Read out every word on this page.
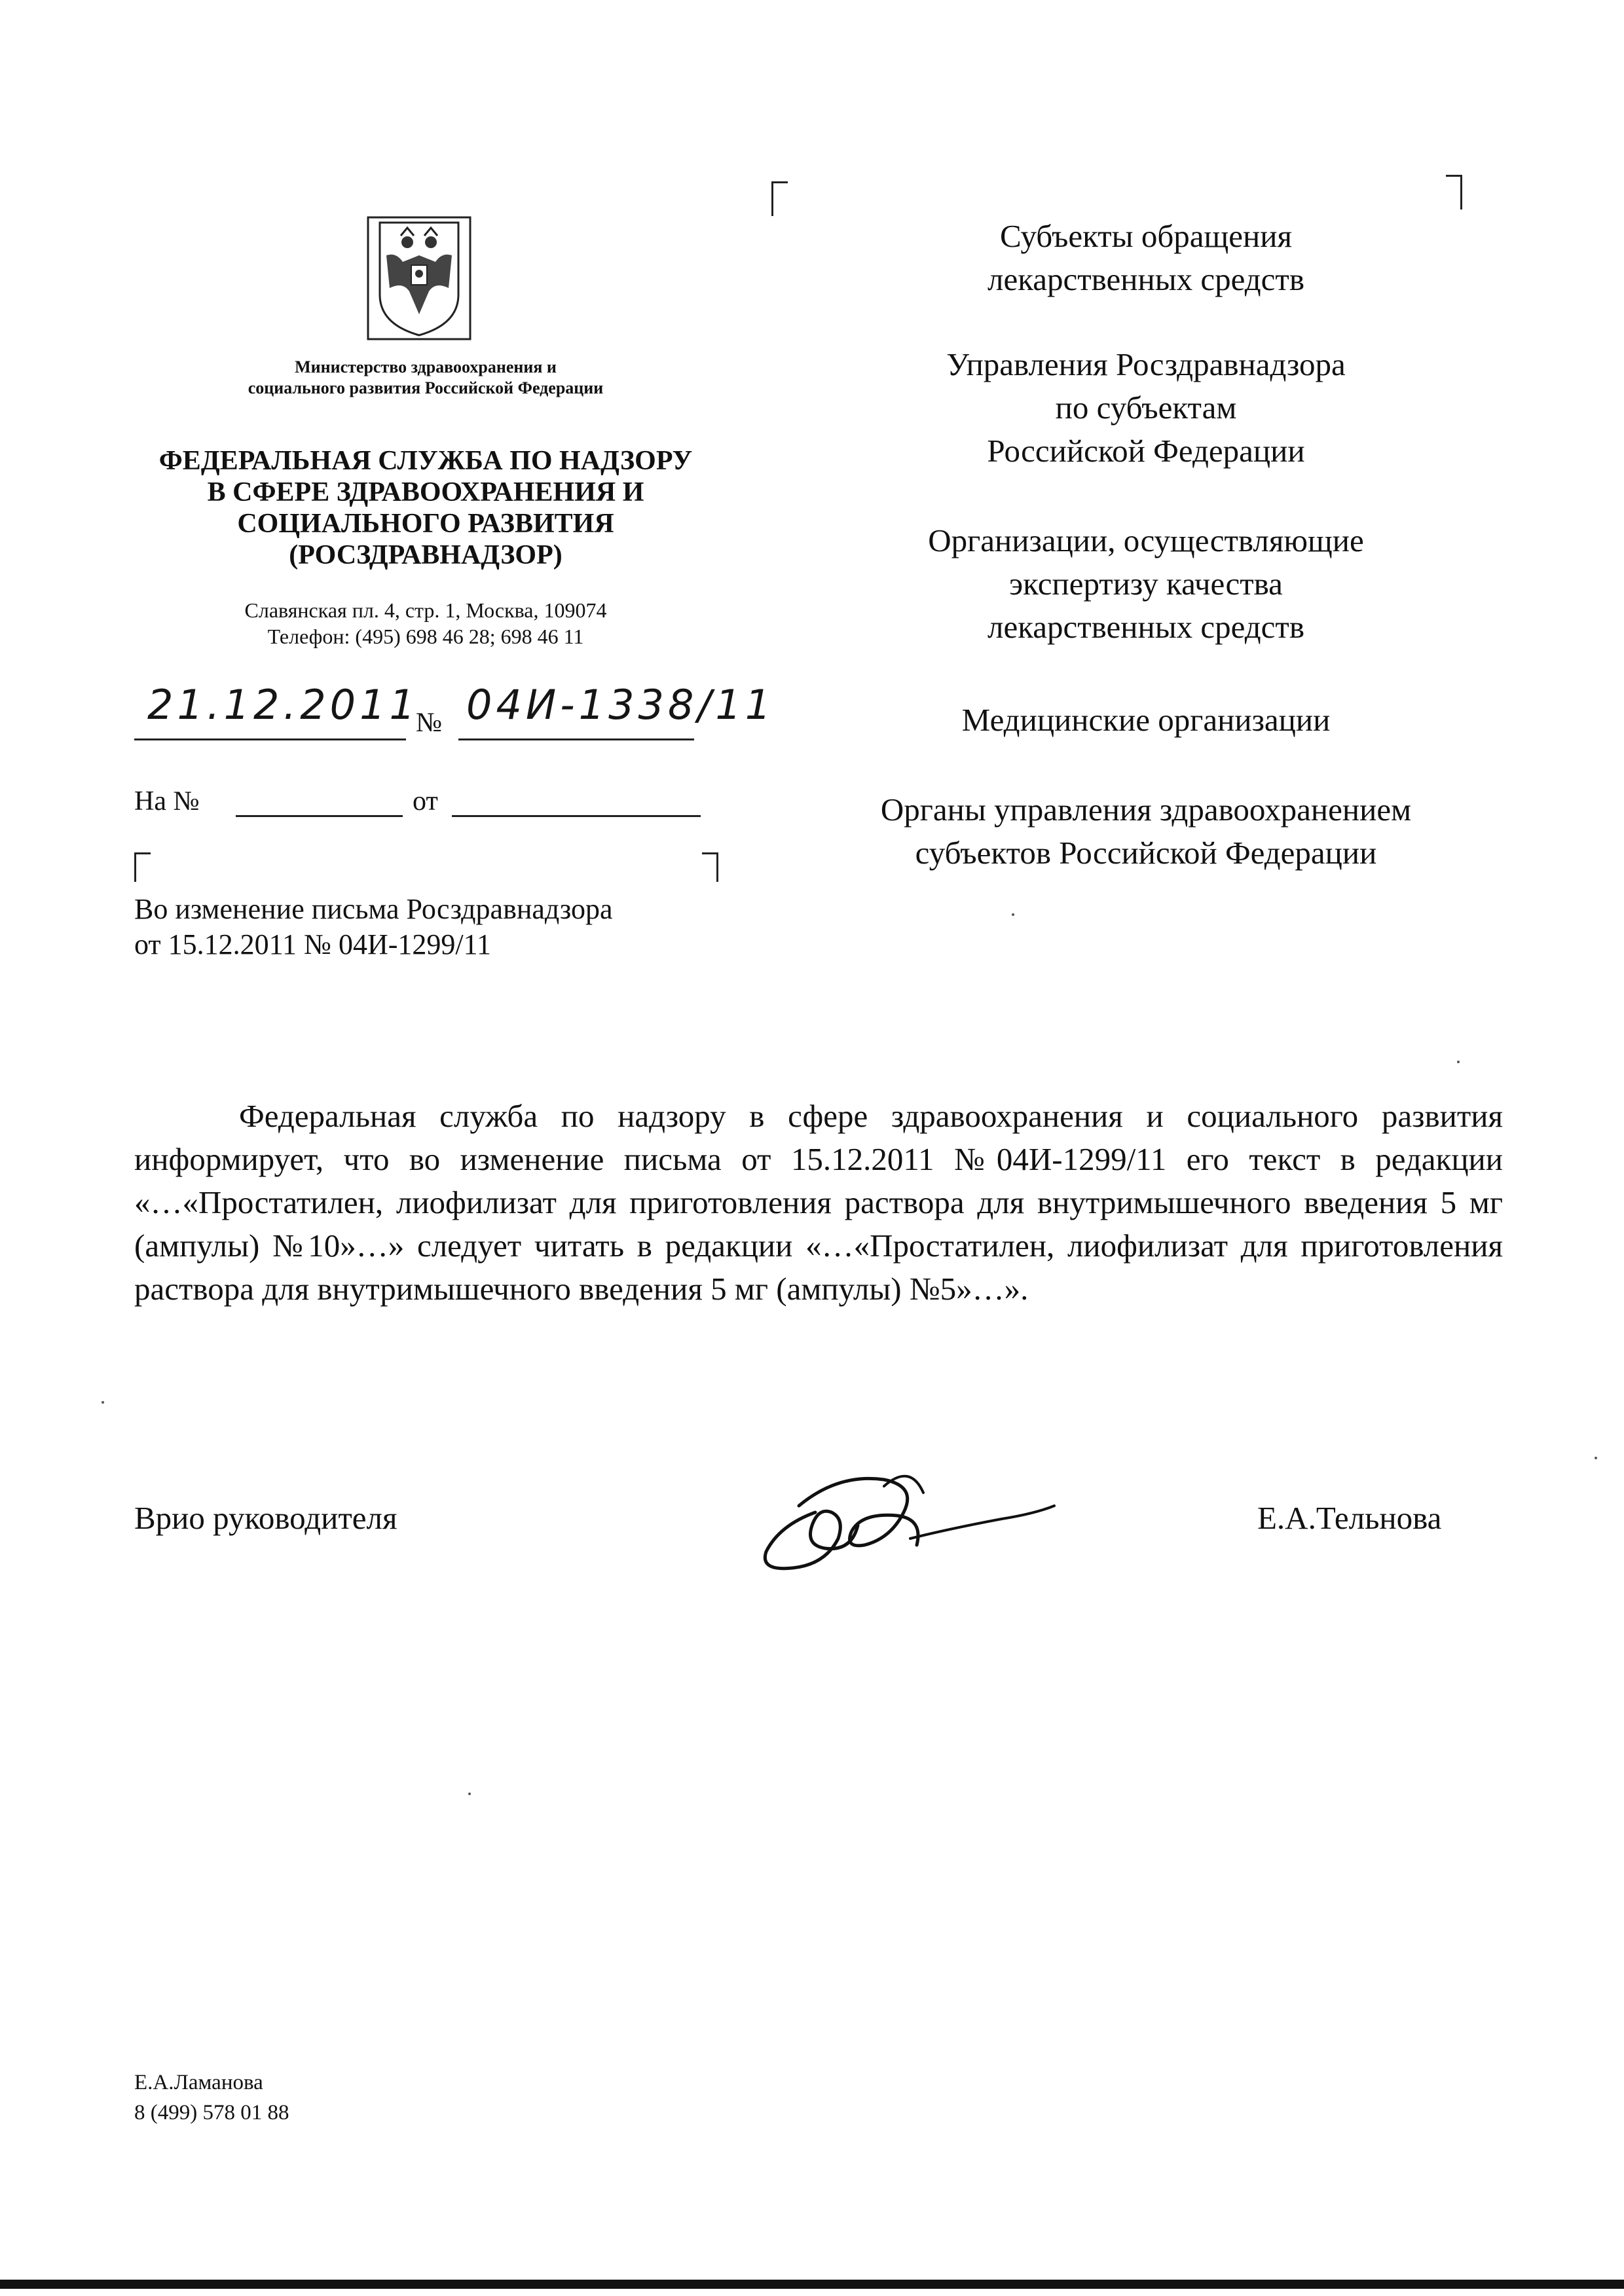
Министерство здравоохранения и
социального развития Российской Федерации
ФЕДЕРАЛЬНАЯ СЛУЖБА ПО НАДЗОРУ
В СФЕРЕ ЗДРАВООХРАНЕНИЯ И
СОЦИАЛЬНОГО РАЗВИТИЯ
(РОСЗДРАВНАДЗОР)
Славянская пл. 4, стр. 1, Москва, 109074
Телефон: (495) 698 46 28; 698 46 11
21.12.2011
№ 04И-1338/11
На №	от
Во изменение письма Росздравнадзора
от 15.12.2011 № 04И-1299/11
Субъекты обращения
лекарственных средств
Управления Росздравнадзора
по субъектам
Российской Федерации
Организации, осуществляющие
экспертизу качества
лекарственных средств
Медицинские организации
Органы управления здравоохранением
субъектов Российской Федерации
Федеральная служба по надзору в сфере здравоохранения и социального развития информирует, что во изменение письма от 15.12.2011 №04И-1299/11 его текст в редакции «…«Простатилен, лиофилизат для приготовления раствора для внутримышечного введения 5 мг (ампулы) №10»…» следует читать в редакции «…«Простатилен, лиофилизат для приготовления раствора для внутримышечного введения 5 мг (ампулы) №5»…».
Врио руководителя	Е.А.Тельнова
Е.А.Ламанова
8 (499) 578 01 88
